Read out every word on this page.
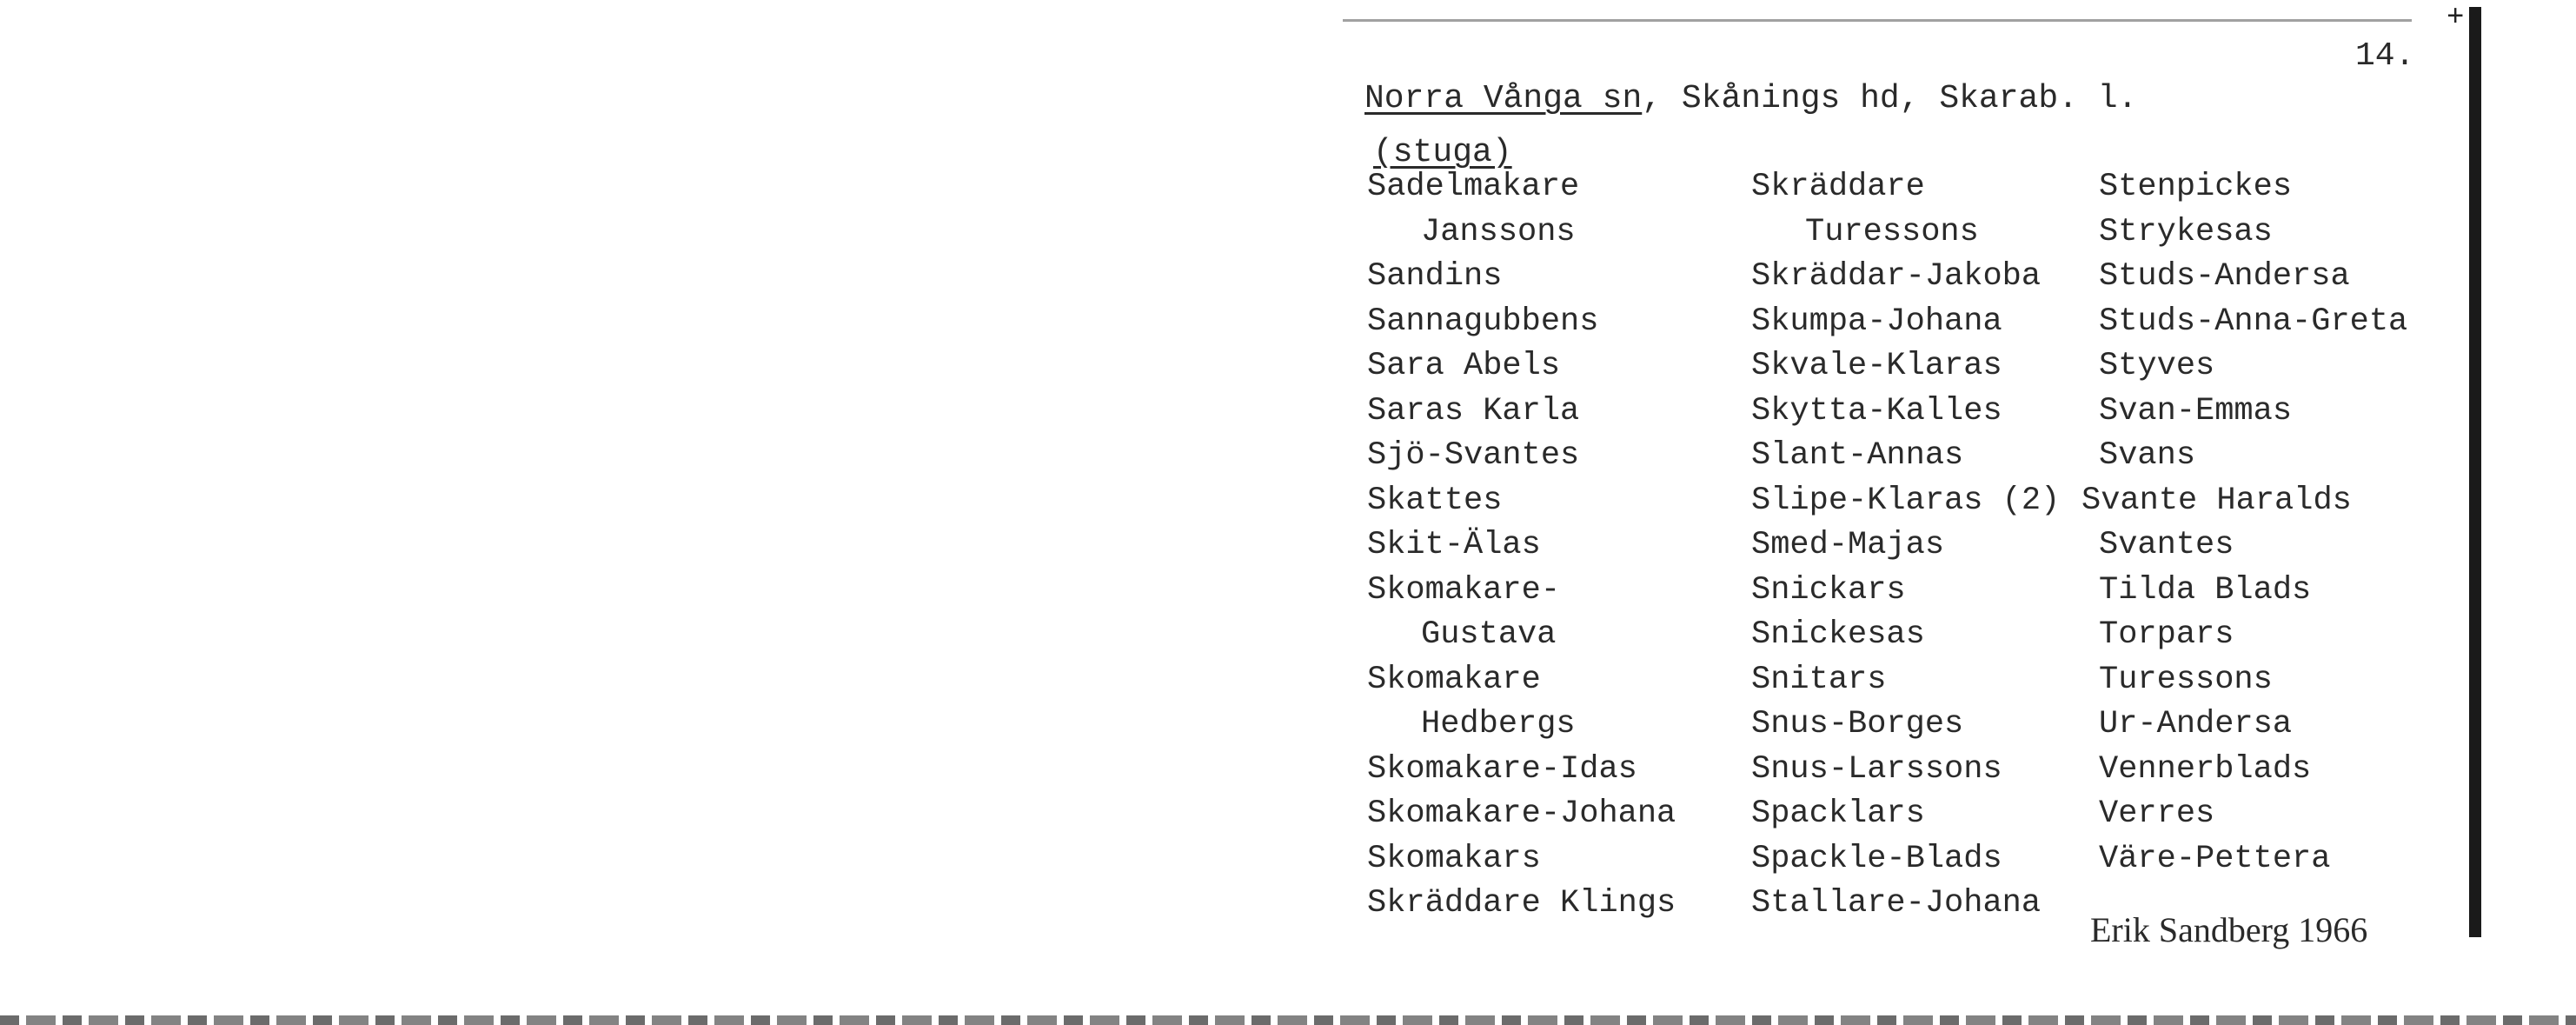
+
14.
Norra Vånga sn, Skånings hd, Skarab. l.
(stuga)
Sadelmakare
Janssons
Sandins
Sannagubbens
Sara Abels
Saras Karla
Sjö-Svantes
Skattes
Skit-Älas
Skomakare-
Gustava
Skomakare
Hedbergs
Skomakare-Idas
Skomakare-Johana
Skomakars
Skräddare Klings
Skräddare
Turessons
Skräddar-Jakoba
Skumpa-Johana
Skvale-Klaras
Skytta-Kalles
Slant-Annas
Slipe-Klaras (2)
Smed-Majas
Snickars
Snickesas
Snitars
Snus-Borges
Snus-Larssons
Spacklars
Spackle-Blads
Stallare-Johana
Stenpickes
Strykesas
Studs-Andersa
Studs-Anna-Greta
Styves
Svan-Emmas
Svans
Svante Haralds
Svantes
Tilda Blads
Torpars
Turessons
Ur-Andersa
Vennerblads
Verres
Väre-Pettera
Erik Sandberg 1966
